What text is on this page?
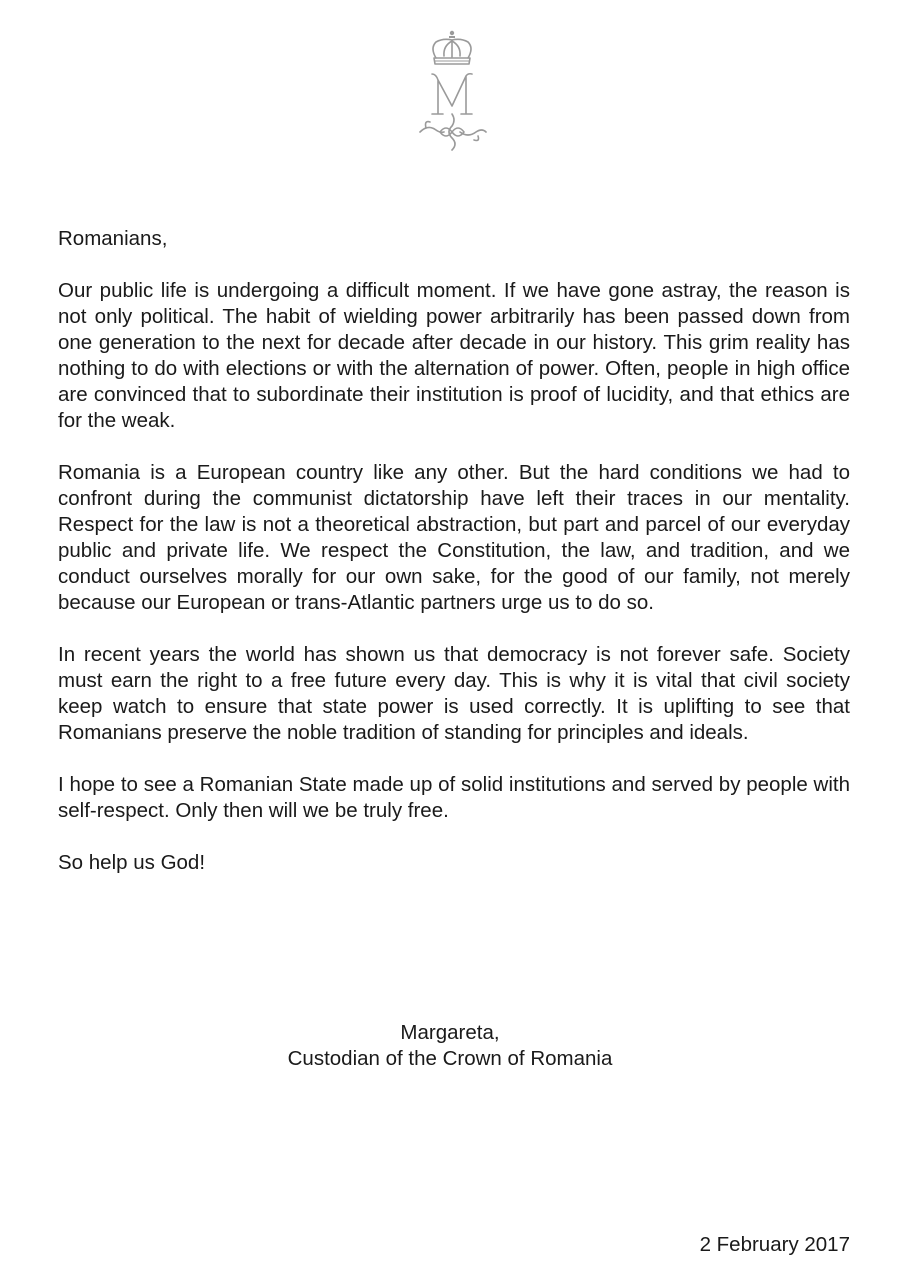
Romanians,

Our public life is undergoing a difficult moment. If we have gone astray, the reason is not only political. The habit of wielding power arbitrarily has been passed down from one generation to the next for decade after decade in our history. This grim reality has nothing to do with elections or with the alternation of power. Often, people in high office are convinced that to subordinate their institution is proof of lucidity, and that ethics are for the weak.

Romania is a European country like any other. But the hard conditions we had to confront during the communist dictatorship have left their traces in our mentality. Respect for the law is not a theoretical abstraction, but part and parcel of our everyday public and private life. We respect the Constitution, the law, and tradition, and we conduct ourselves morally for our own sake, for the good of our family, not merely because our European or trans-Atlantic partners urge us to do so.

In recent years the world has shown us that democracy is not forever safe. Society must earn the right to a free future every day. This is why it is vital that civil society keep watch to ensure that state power is used correctly. It is uplifting to see that Romanians preserve the noble tradition of standing for principles and ideals.

I hope to see a Romanian State made up of solid institutions and served by people with self-respect. Only then will we be truly free.

So help us God!

Margareta,
Custodian of the Crown of Romania
2 February 2017
